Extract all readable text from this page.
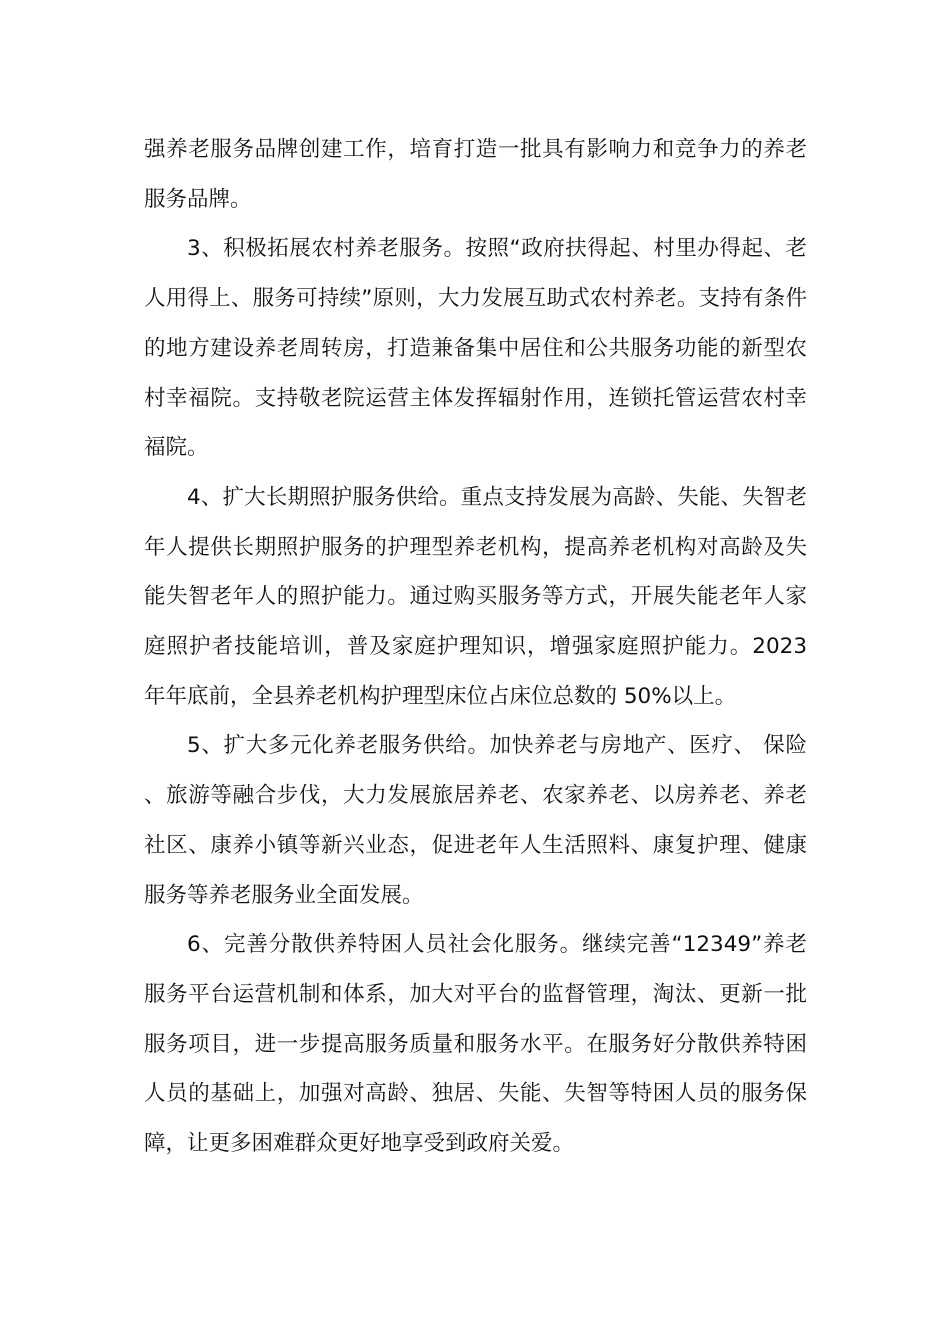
强养老服务品牌创建工作，培育打造一批具有影响力和竞争力的养老服务品牌。

3、积极拓展农村养老服务。按照“政府扶得起、村里办得起、老人用得上、服务可持续”原则，大力发展互助式农村养老。支持有条件的地方建设养老周转房，打造兼备集中居住和公共服务功能的新型农村幸福院。支持敬老院运营主体发挥辐射作用，连锁托管运营农村幸福院。

4、扩大长期照护服务供给。重点支持发展为高龄、失能、失智老年人提供长期照护服务的护理型养老机构，提高养老机构对高龄及失能失智老年人的照护能力。通过购买服务等方式，开展失能老年人家庭照护者技能培训，普及家庭护理知识，增强家庭照护能力。2023 年年底前，全县养老机构护理型床位占床位总数的 50%以上。

5、扩大多元化养老服务供给。加快养老与房地产、医疗、 保险、旅游等融合步伐，大力发展旅居养老、农家养老、以房养老、养老社区、康养小镇等新兴业态，促进老年人生活照料、康复护理、健康服务等养老服务业全面发展。

6、完善分散供养特困人员社会化服务。继续完善“12349”养老服务平台运营机制和体系，加大对平台的监督管理，淘汰、更新一批服务项目，进一步提高服务质量和服务水平。在服务好分散供养特困人员的基础上，加强对高龄、独居、失能、失智等特困人员的服务保障，让更多困难群众更好地享受到政府关爱。
